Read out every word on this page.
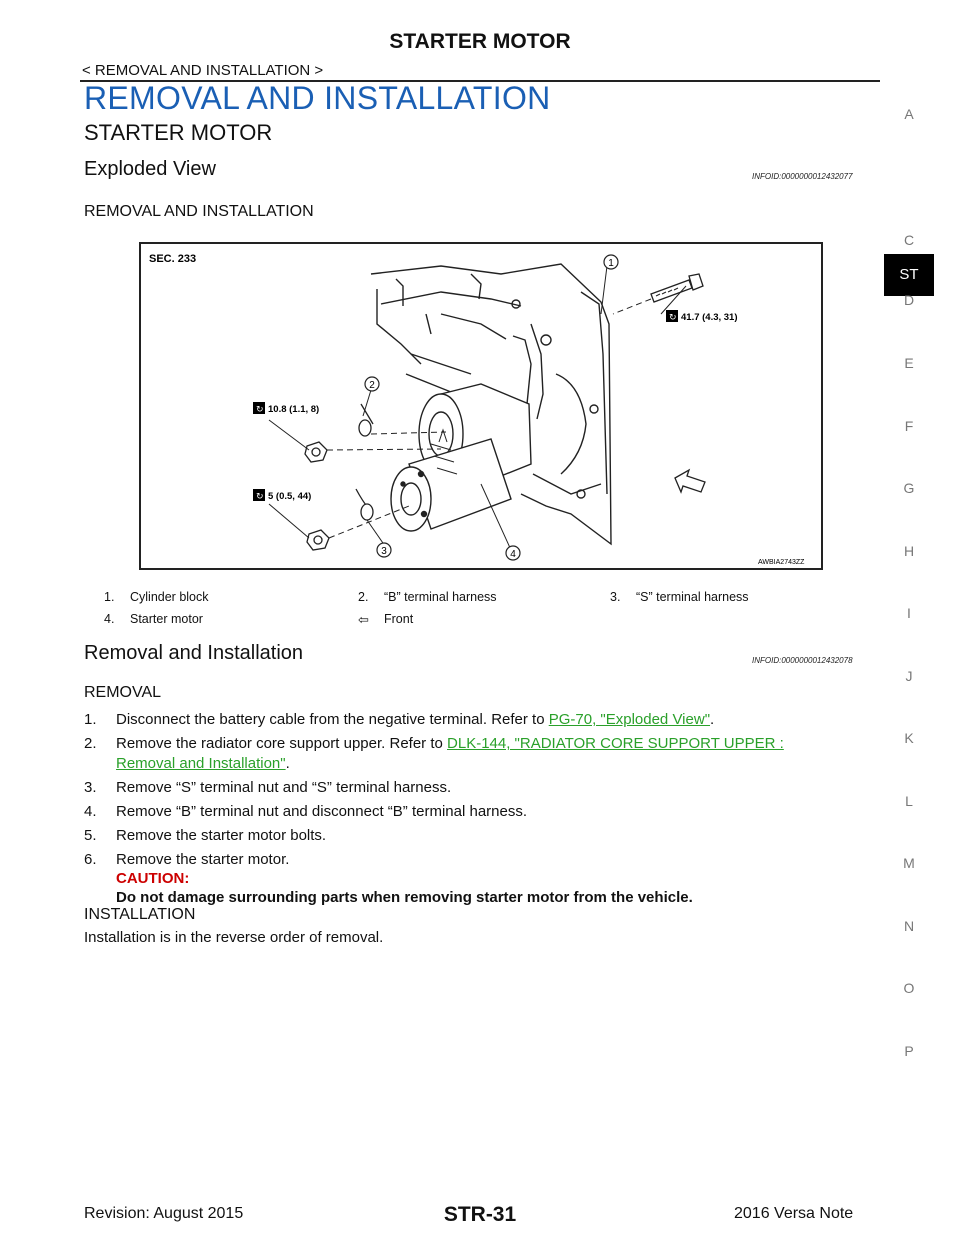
STARTER MOTOR
< REMOVAL AND INSTALLATION >
REMOVAL AND INSTALLATION
STARTER MOTOR
Exploded View	INFOID:0000000012432077
REMOVAL AND INSTALLATION
A
ST
C
D
E
F
G
H
I
J
K
L
M
N
O
P
SEC. 233	1
2
3	4
↻ 41.7 (4.3, 31)
↻ 10.8 (1.1, 8)
↻ 5 (0.5, 44)
AWBIA2743ZZ
1. Cylinder block	2. “B” terminal harness	3. “S” terminal harness
4. Starter motor	⇦ Front
Removal and Installation	INFOID:0000000012432078
REMOVAL
1. Disconnect the battery cable from the negative terminal. Refer to PG-70, "Exploded View".
2. Remove the radiator core support upper. Refer to DLK-144, "RADIATOR CORE SUPPORT UPPER :
Removal and Installation".
3. Remove “S” terminal nut and “S” terminal harness.
4. Remove “B” terminal nut and disconnect “B” terminal harness.
5. Remove the starter motor bolts.
6. Remove the starter motor.
CAUTION:
Do not damage surrounding parts when removing starter motor from the vehicle.
INSTALLATION
Installation is in the reverse order of removal.
Revision: August 2015	STR-31	2016 Versa Note
